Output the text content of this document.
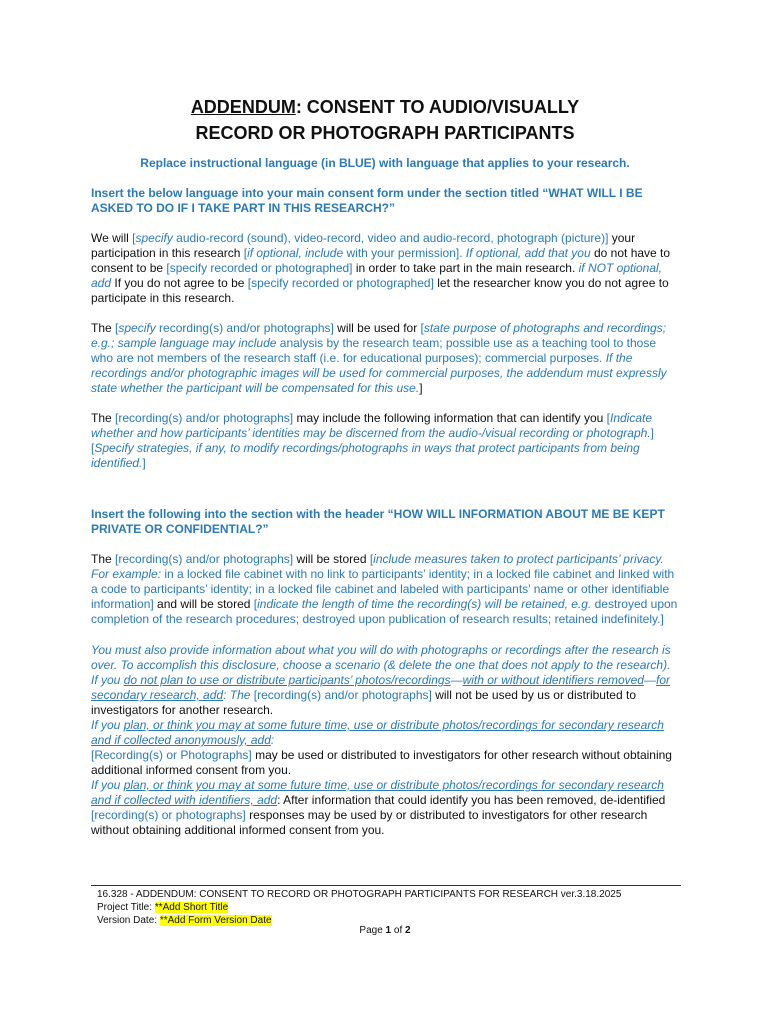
ADDENDUM: CONSENT TO AUDIO/VISUALLY
RECORD OR PHOTOGRAPH PARTICIPANTS
Replace instructional language (in BLUE) with language that applies to your research.

Insert the below language into your main consent form under the section titled “WHAT WILL I BE ASKED TO DO IF I TAKE PART IN THIS RESEARCH?”

We will [specify audio-record (sound), video-record, video and audio-record, photograph (picture)] your participation in this research [if optional, include with your permission]. If optional, add that you do not have to consent to be [specify recorded or photographed] in order to take part in the main research. if NOT optional, add If you do not agree to be [specify recorded or photographed] let the researcher know you do not agree to participate in this research.

The [specify recording(s) and/or photographs] will be used for [state purpose of photographs and recordings; e.g.; sample language may include analysis by the research team; possible use as a teaching tool to those who are not members of the research staff (i.e. for educational purposes); commercial purposes. If the recordings and/or photographic images will be used for commercial purposes, the addendum must expressly state whether the participant will be compensated for this use.]

The [recording(s) and/or photographs] may include the following information that can identify you [Indicate whether and how participants’ identities may be discerned from the audio-/visual recording or photograph.] [Specify strategies, if any, to modify recordings/photographs in ways that protect participants from being identified.]

Insert the following into the section with the header “HOW WILL INFORMATION ABOUT ME BE KEPT PRIVATE OR CONFIDENTIAL?”

The [recording(s) and/or photographs] will be stored [include measures taken to protect participants’ privacy. For example: in a locked file cabinet with no link to participants’ identity; in a locked file cabinet and linked with a code to participants’ identity; in a locked file cabinet and labeled with participants’ name or other identifiable information] and will be stored [indicate the length of time the recording(s) will be retained, e.g. destroyed upon completion of the research procedures; destroyed upon publication of research results; retained indefinitely.]

You must also provide information about what you will do with photographs or recordings after the research is over. To accomplish this disclosure, choose a scenario (& delete the one that does not apply to the research).

If you do not plan to use or distribute participants’ photos/recordings—with or without identifiers removed—for secondary research, add: The [recording(s) and/or photographs] will not be used by us or distributed to investigators for another research.

If you plan, or think you may at some future time, use or distribute photos/recordings for secondary research and if collected anonymously, add:

[Recording(s) or Photographs] may be used or distributed to investigators for other research without obtaining additional informed consent from you.

If you plan, or think you may at some future time, use or distribute photos/recordings for secondary research and if collected with identifiers, add: After information that could identify you has been removed, de-identified [recording(s) or photographs] responses may be used by or distributed to investigators for other research without obtaining additional informed consent from you.

16.328 - ADDENDUM: CONSENT TO RECORD OR PHOTOGRAPH PARTICIPANTS FOR RESEARCH ver.3.18.2025
Project Title: **Add Short Title
Version Date: **Add Form Version Date
Page 1 of 2
